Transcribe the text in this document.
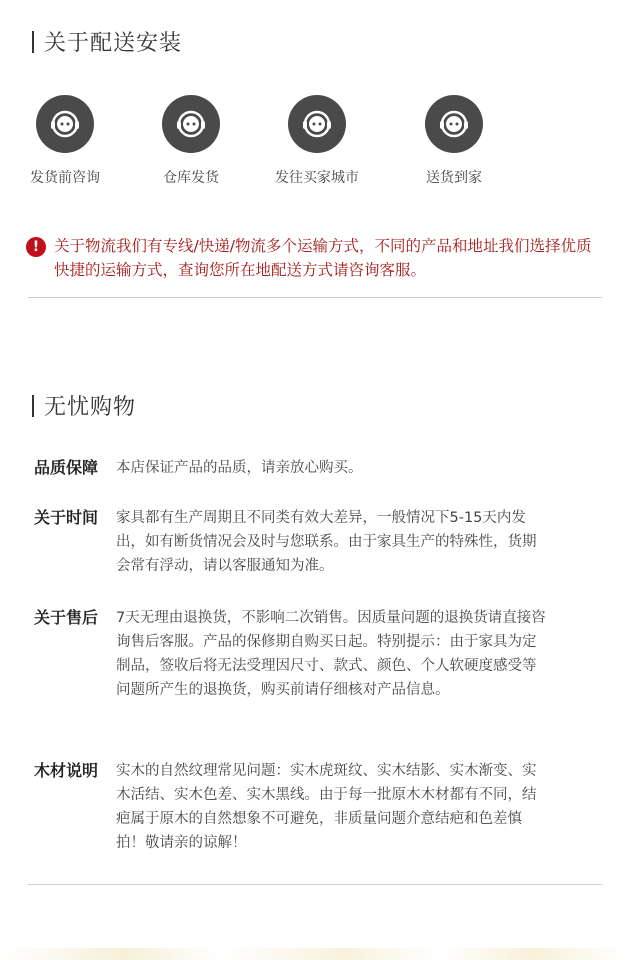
关于配送安装
发货前咨询	仓库发货	发往买家城市	送货到家
! 关于物流我们有专线/快递/物流多个运输方式，不同的产品和地址我们选择优质快捷的运输方式，查询您所在地配送方式请咨询客服。
无忧购物
品质保障	本店保证产品的品质，请亲放心购买。
关于时间	家具都有生产周期且不同类有效大差异，一般情况下5-15天内发出，如有断货情况会及时与您联系。由于家具生产的特殊性，货期会常有浮动，请以客服通知为准。
关于售后	7天无理由退换货，不影响二次销售。因质量问题的退换货请直接咨询售后客服。产品的保修期自购买日起。特别提示：由于家具为定制品，签收后将无法受理因尺寸、款式、颜色、个人软硬度感受等问题所产生的退换货，购买前请仔细核对产品信息。
木材说明	实木的自然纹理常见问题：实木虎斑纹、实木结影、实木渐变、实木活结、实木色差、实木黑线。由于每一批原木木材都有不同，结疤属于原木的自然想象不可避免，非质量问题介意结疤和色差慎拍！敬请亲的谅解！
